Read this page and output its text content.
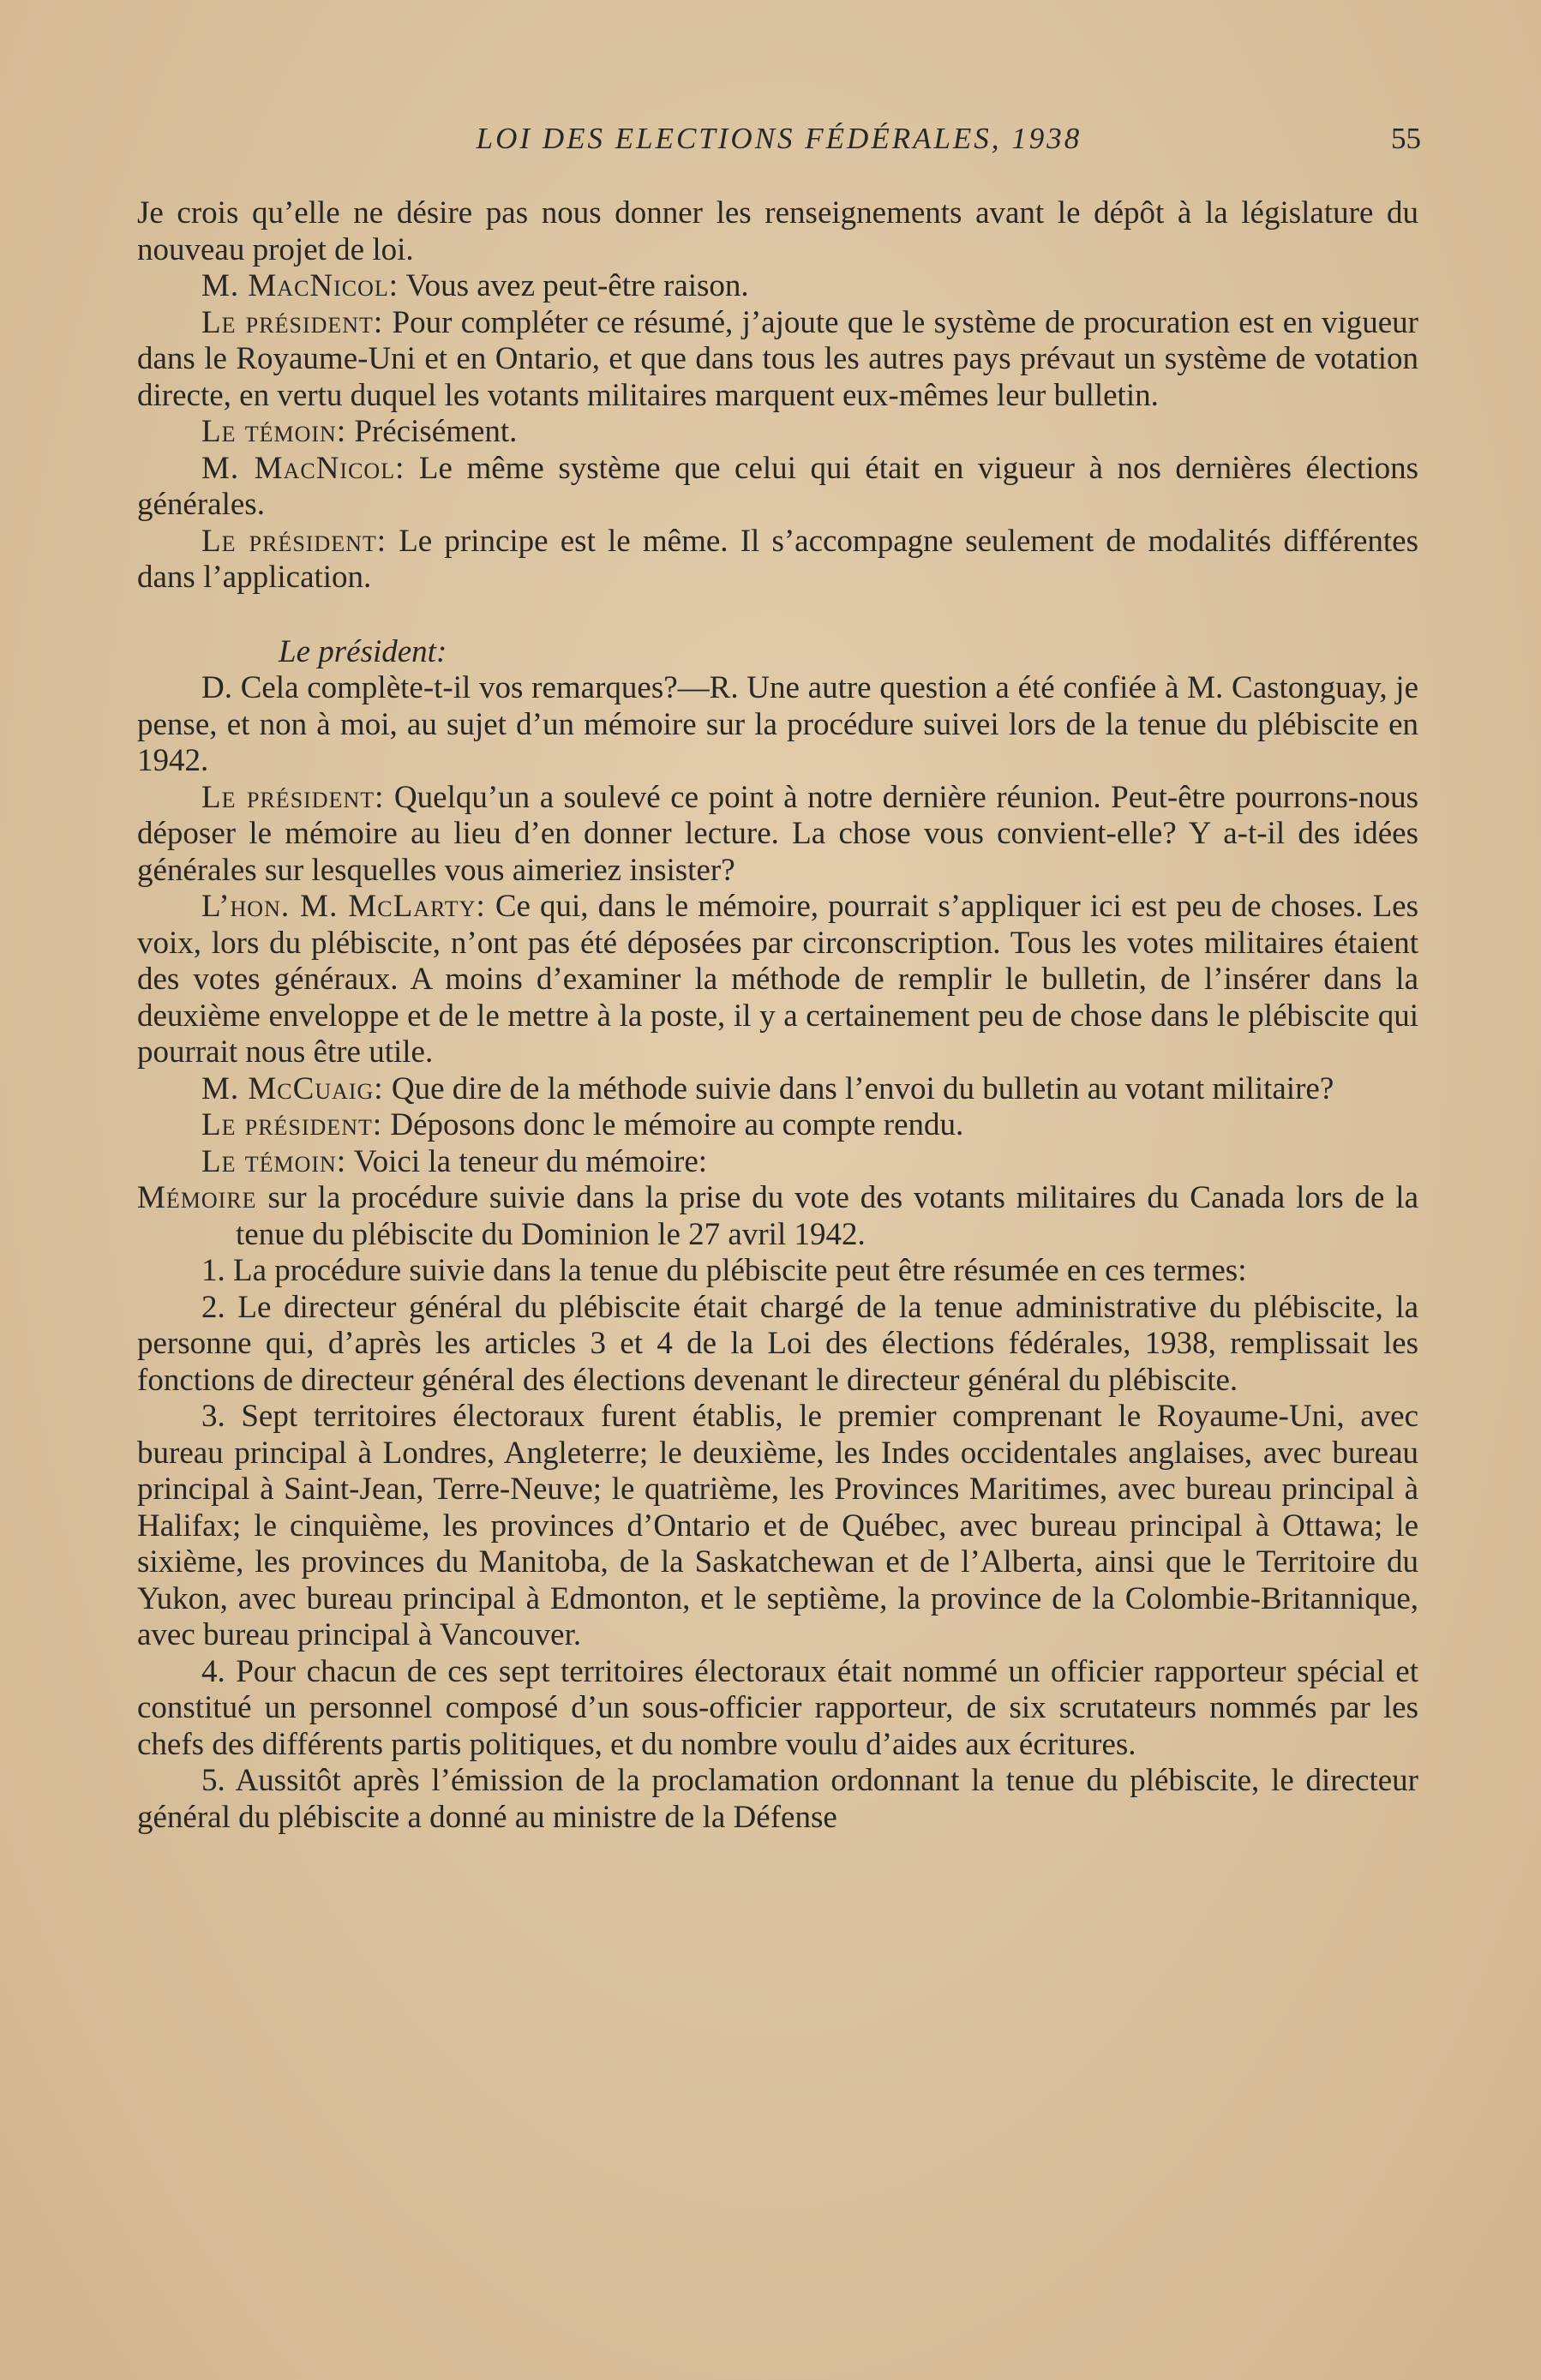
LOI DES ELECTIONS FÉDÉRALES, 1938	55

Je crois qu’elle ne désire pas nous donner les renseignements avant le dépôt à la législature du nouveau projet de loi.

M. MacNicol: Vous avez peut-être raison.

Le président: Pour compléter ce résumé, j’ajoute que le système de procuration est en vigueur dans le Royaume-Uni et en Ontario, et que dans tous les autres pays prévaut un système de votation directe, en vertu duquel les votants militaires marquent eux-mêmes leur bulletin.

Le témoin: Précisément.

M. MacNicol: Le même système que celui qui était en vigueur à nos dernières élections générales.

Le président: Le principe est le même. Il s’accompagne seulement de modalités différentes dans l’application.

Le président:

D. Cela complète-t-il vos remarques?—R. Une autre question a été confiée à M. Castonguay, je pense, et non à moi, au sujet d’un mémoire sur la procédure suivei lors de la tenue du plébiscite en 1942.

Le président: Quelqu’un a soulevé ce point à notre dernière réunion. Peut-être pourrons-nous déposer le mémoire au lieu d’en donner lecture. La chose vous convient-elle? Y a-t-il des idées générales sur lesquelles vous aimeriez insister?

L’hon. M. McLarty: Ce qui, dans le mémoire, pourrait s’appliquer ici est peu de choses. Les voix, lors du plébiscite, n’ont pas été déposées par circonscription. Tous les votes militaires étaient des votes généraux. A moins d’examiner la méthode de remplir le bulletin, de l’insérer dans la deuxième enveloppe et de le mettre à la poste, il y a certainement peu de chose dans le plébiscite qui pourrait nous être utile.

M. McCuaig: Que dire de la méthode suivie dans l’envoi du bulletin au votant militaire?

Le président: Déposons donc le mémoire au compte rendu.

Le témoin: Voici la teneur du mémoire:

Mémoire sur la procédure suivie dans la prise du vote des votants militaires du Canada lors de la tenue du plébiscite du Dominion le 27 avril 1942.

1. La procédure suivie dans la tenue du plébiscite peut être résumée en ces termes:

2. Le directeur général du plébiscite était chargé de la tenue administrative du plébiscite, la personne qui, d’après les articles 3 et 4 de la Loi des élections fédérales, 1938, remplissait les fonctions de directeur général des élections devenant le directeur général du plébiscite.

3. Sept territoires électoraux furent établis, le premier comprenant le Royaume-Uni, avec bureau principal à Londres, Angleterre; le deuxième, les Indes occidentales anglaises, avec bureau principal à Saint-Jean, Terre-Neuve; le quatrième, les Provinces Maritimes, avec bureau principal à Halifax; le cinquième, les provinces d’Ontario et de Québec, avec bureau principal à Ottawa; le sixième, les provinces du Manitoba, de la Saskatchewan et de l’Alberta, ainsi que le Territoire du Yukon, avec bureau principal à Edmonton, et le septième, la province de la Colombie-Britannique, avec bureau principal à Vancouver.

4. Pour chacun de ces sept territoires électoraux était nommé un officier rapporteur spécial et constitué un personnel composé d’un sous-officier rapporteur, de six scrutateurs nommés par les chefs des différents partis politiques, et du nombre voulu d’aides aux écritures.

5. Aussitôt après l’émission de la proclamation ordonnant la tenue du plébiscite, le directeur général du plébiscite a donné au ministre de la Défense
